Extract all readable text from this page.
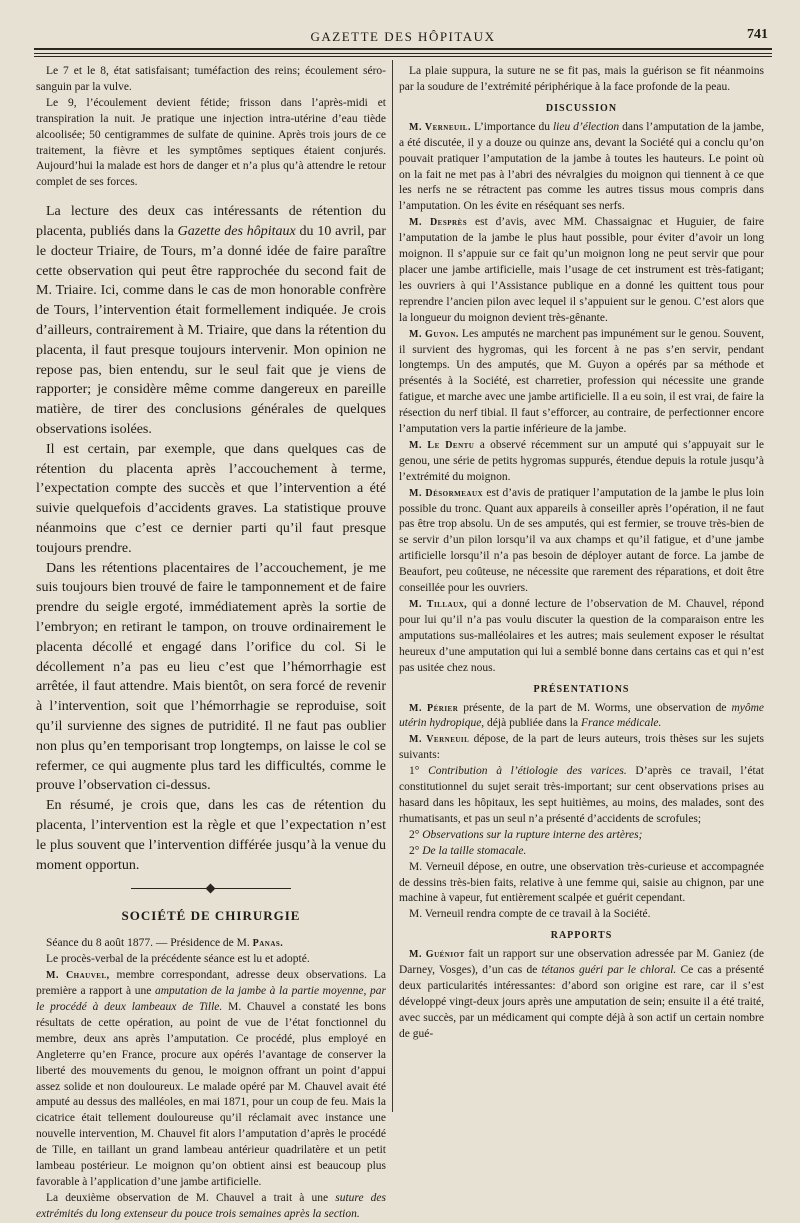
GAZETTE DES HÔPITAUX	741

Le 7 et le 8, état satisfaisant; tuméfaction des reins; écoulement séro-sanguin par la vulve.

Le 9, l’écoulement devient fétide; frisson dans l’après-midi et transpiration la nuit. Je pratique une injection intra-utérine d’eau tiède alcoolisée; 50 centigrammes de sulfate de quinine. Après trois jours de ce traitement, la fièvre et les symptômes septiques étaient conjurés. Aujourd’hui la malade est hors de danger et n’a plus qu’à attendre le retour complet de ses forces.

La lecture des deux cas intéressants de rétention du placenta, publiés dans la Gazette des hôpitaux du 10 avril, par le docteur Triaire, de Tours, m’a donné idée de faire paraître cette observation qui peut être rapprochée du second fait de M. Triaire. Ici, comme dans le cas de mon honorable confrère de Tours, l’intervention était formellement indiquée. Je crois d’ailleurs, contrairement à M. Triaire, que dans la rétention du placenta, il faut presque toujours intervenir. Mon opinion ne repose pas, bien entendu, sur le seul fait que je viens de rapporter; je considère même comme dangereux en pareille matière, de tirer des conclusions générales de quelques observations isolées.

Il est certain, par exemple, que dans quelques cas de rétention du placenta après l’accouchement à terme, l’expectation compte des succès et que l’intervention a été suivie quelquefois d’accidents graves. La statistique prouve néanmoins que c’est ce dernier parti qu’il faut presque toujours prendre.

Dans les rétentions placentaires de l’accouchement, je me suis toujours bien trouvé de faire le tamponnement et de faire prendre du seigle ergoté, immédiatement après la sortie de l’embryon; en retirant le tampon, on trouve ordinairement le placenta décollé et engagé dans l’orifice du col. Si le décollement n’a pas eu lieu c’est que l’hémorrhagie est arrêtée, il faut attendre. Mais bientôt, on sera forcé de revenir à l’intervention, soit que l’hémorrhagie se reproduise, soit qu’il survienne des signes de putridité. Il ne faut pas oublier non plus qu’en temporisant trop longtemps, on laisse le col se refermer, ce qui augmente plus tard les difficultés, comme le prouve l’observation ci-dessus.

En résumé, je crois que, dans les cas de rétention du placenta, l’intervention est la règle et que l’expectation n’est le plus souvent que l’intervention différée jusqu’à la venue du moment opportun.

SOCIÉTÉ DE CHIRURGIE

Séance du 8 août 1877. — Présidence de M. Panas.

Le procès-verbal de la précédente séance est lu et adopté.

M. Chauvel, membre correspondant, adresse deux observations. La première a rapport à une amputation de la jambe à la partie moyenne, par le procédé à deux lambeaux de Tille. M. Chauvel a constaté les bons résultats de cette opération, au point de vue de l’état fonctionnel du membre, deux ans après l’amputation. Ce procédé, plus employé en Angleterre qu’en France, procure aux opérés l’avantage de conserver la liberté des mouvements du genou, le moignon offrant un point d’appui assez solide et non douloureux. Le malade opéré par M. Chauvel avait été amputé au dessus des malléoles, en mai 1871, pour un coup de feu. Mais la cicatrice était tellement douloureuse qu’il réclamait avec instance une nouvelle intervention, M. Chauvel fit alors l’amputation d’après le procédé de Tille, en taillant un grand lambeau antérieur quadrilatère et un petit lambeau postérieur. Le moignon qu’on obtient ainsi est beaucoup plus favorable à l’application d’une jambe artificielle.

La deuxième observation de M. Chauvel a trait à une suture des extrémités du long extenseur du pouce trois semaines après la section.

La plaie suppura, la suture ne se fit pas, mais la guérison se fit néanmoins par la soudure de l’extrémité périphérique à la face profonde de la peau.

DISCUSSION

M. Verneuil. L’importance du lieu d’élection dans l’amputation de la jambe, a été discutée, il y a douze ou quinze ans, devant la Société qui a conclu qu’on pouvait pratiquer l’amputation de la jambe à toutes les hauteurs. Le point où on la fait ne met pas à l’abri des névralgies du moignon qui tiennent à ce que les nerfs ne se rétractent pas comme les autres tissus mous compris dans l’amputation. On les évite en réséquant ses nerfs.

M. Desprès est d’avis, avec MM. Chassaignac et Huguier, de faire l’amputation de la jambe le plus haut possible, pour éviter d’avoir un long moignon. Il s’appuie sur ce fait qu’un moignon long ne peut servir que pour placer une jambe artificielle, mais l’usage de cet instrument est très-fatigant; les ouvriers à qui l’Assistance publique en a donné les quittent tous pour reprendre l’ancien pilon avec lequel il s’appuient sur le genou. C’est alors que la longueur du moignon devient très-gênante.

M. Guyon. Les amputés ne marchent pas impunément sur le genou. Souvent, il survient des hygromas, qui les forcent à ne pas s’en servir, pendant longtemps. Un des amputés, que M. Guyon a opérés par sa méthode et présentés à la Société, est charretier, profession qui nécessite une grande fatigue, et marche avec une jambe artificielle. Il a eu soin, il est vrai, de faire la résection du nerf tibial. Il faut s’efforcer, au contraire, de perfectionner encore l’amputation vers la partie inférieure de la jambe.

M. Le Dentu a observé récemment sur un amputé qui s’appuyait sur le genou, une série de petits hygromas suppurés, étendue depuis la rotule jusqu’à l’extrémité du moignon.

M. Désormeaux est d’avis de pratiquer l’amputation de la jambe le plus loin possible du tronc. Quant aux appareils à conseiller après l’opération, il ne faut pas être trop absolu. Un de ses amputés, qui est fermier, se trouve très-bien de se servir d’un pilon lorsqu’il va aux champs et qu’il fatigue, et d’une jambe artificielle lorsqu’il n’a pas besoin de déployer autant de force. La jambe de Beaufort, peu coûteuse, ne nécessite que rarement des réparations, et doit être conseillée pour les ouvriers.

M. Tillaux, qui a donné lecture de l’observation de M. Chauvel, répond pour lui qu’il n’a pas voulu discuter la question de la comparaison entre les amputations sus-malléolaires et les autres; mais seulement exposer le résultat heureux d’une amputation qui lui a semblé bonne dans certains cas et qui n’est pas usitée chez nous.

PRÉSENTATIONS

M. Périer présente, de la part de M. Worms, une observation de myôme utérin hydropique, déjà publiée dans la France médicale.

M. Verneuil dépose, de la part de leurs auteurs, trois thèses sur les sujets suivants:

1° Contribution à l’étiologie des varices. D’après ce travail, l’état constitutionnel du sujet serait très-important; sur cent observations prises au hasard dans les hôpitaux, les sept huitièmes, au moins, des malades, sont des rhumatisants, et pas un seul n’a présenté d’accidents de scrofules;

2° Observations sur la rupture interne des artères;

2° De la taille stomacale.

M. Verneuil dépose, en outre, une observation très-curieuse et accompagnée de dessins très-bien faits, relative à une femme qui, saisie au chignon, par une machine à vapeur, fut entièrement scalpée et guérit cependant.

M. Verneuil rendra compte de ce travail à la Société.

RAPPORTS

M. Guéniot fait un rapport sur une observation adressée par M. Ganiez (de Darney, Vosges), d’un cas de tétanos guéri par le chloral. Ce cas a présenté deux particularités intéressantes: d’abord son origine est rare, car il s’est développé vingt-deux jours après une amputation de sein; ensuite il a été traité, avec succès, par un médicament qui compte déjà à son actif un certain nombre de gué-
